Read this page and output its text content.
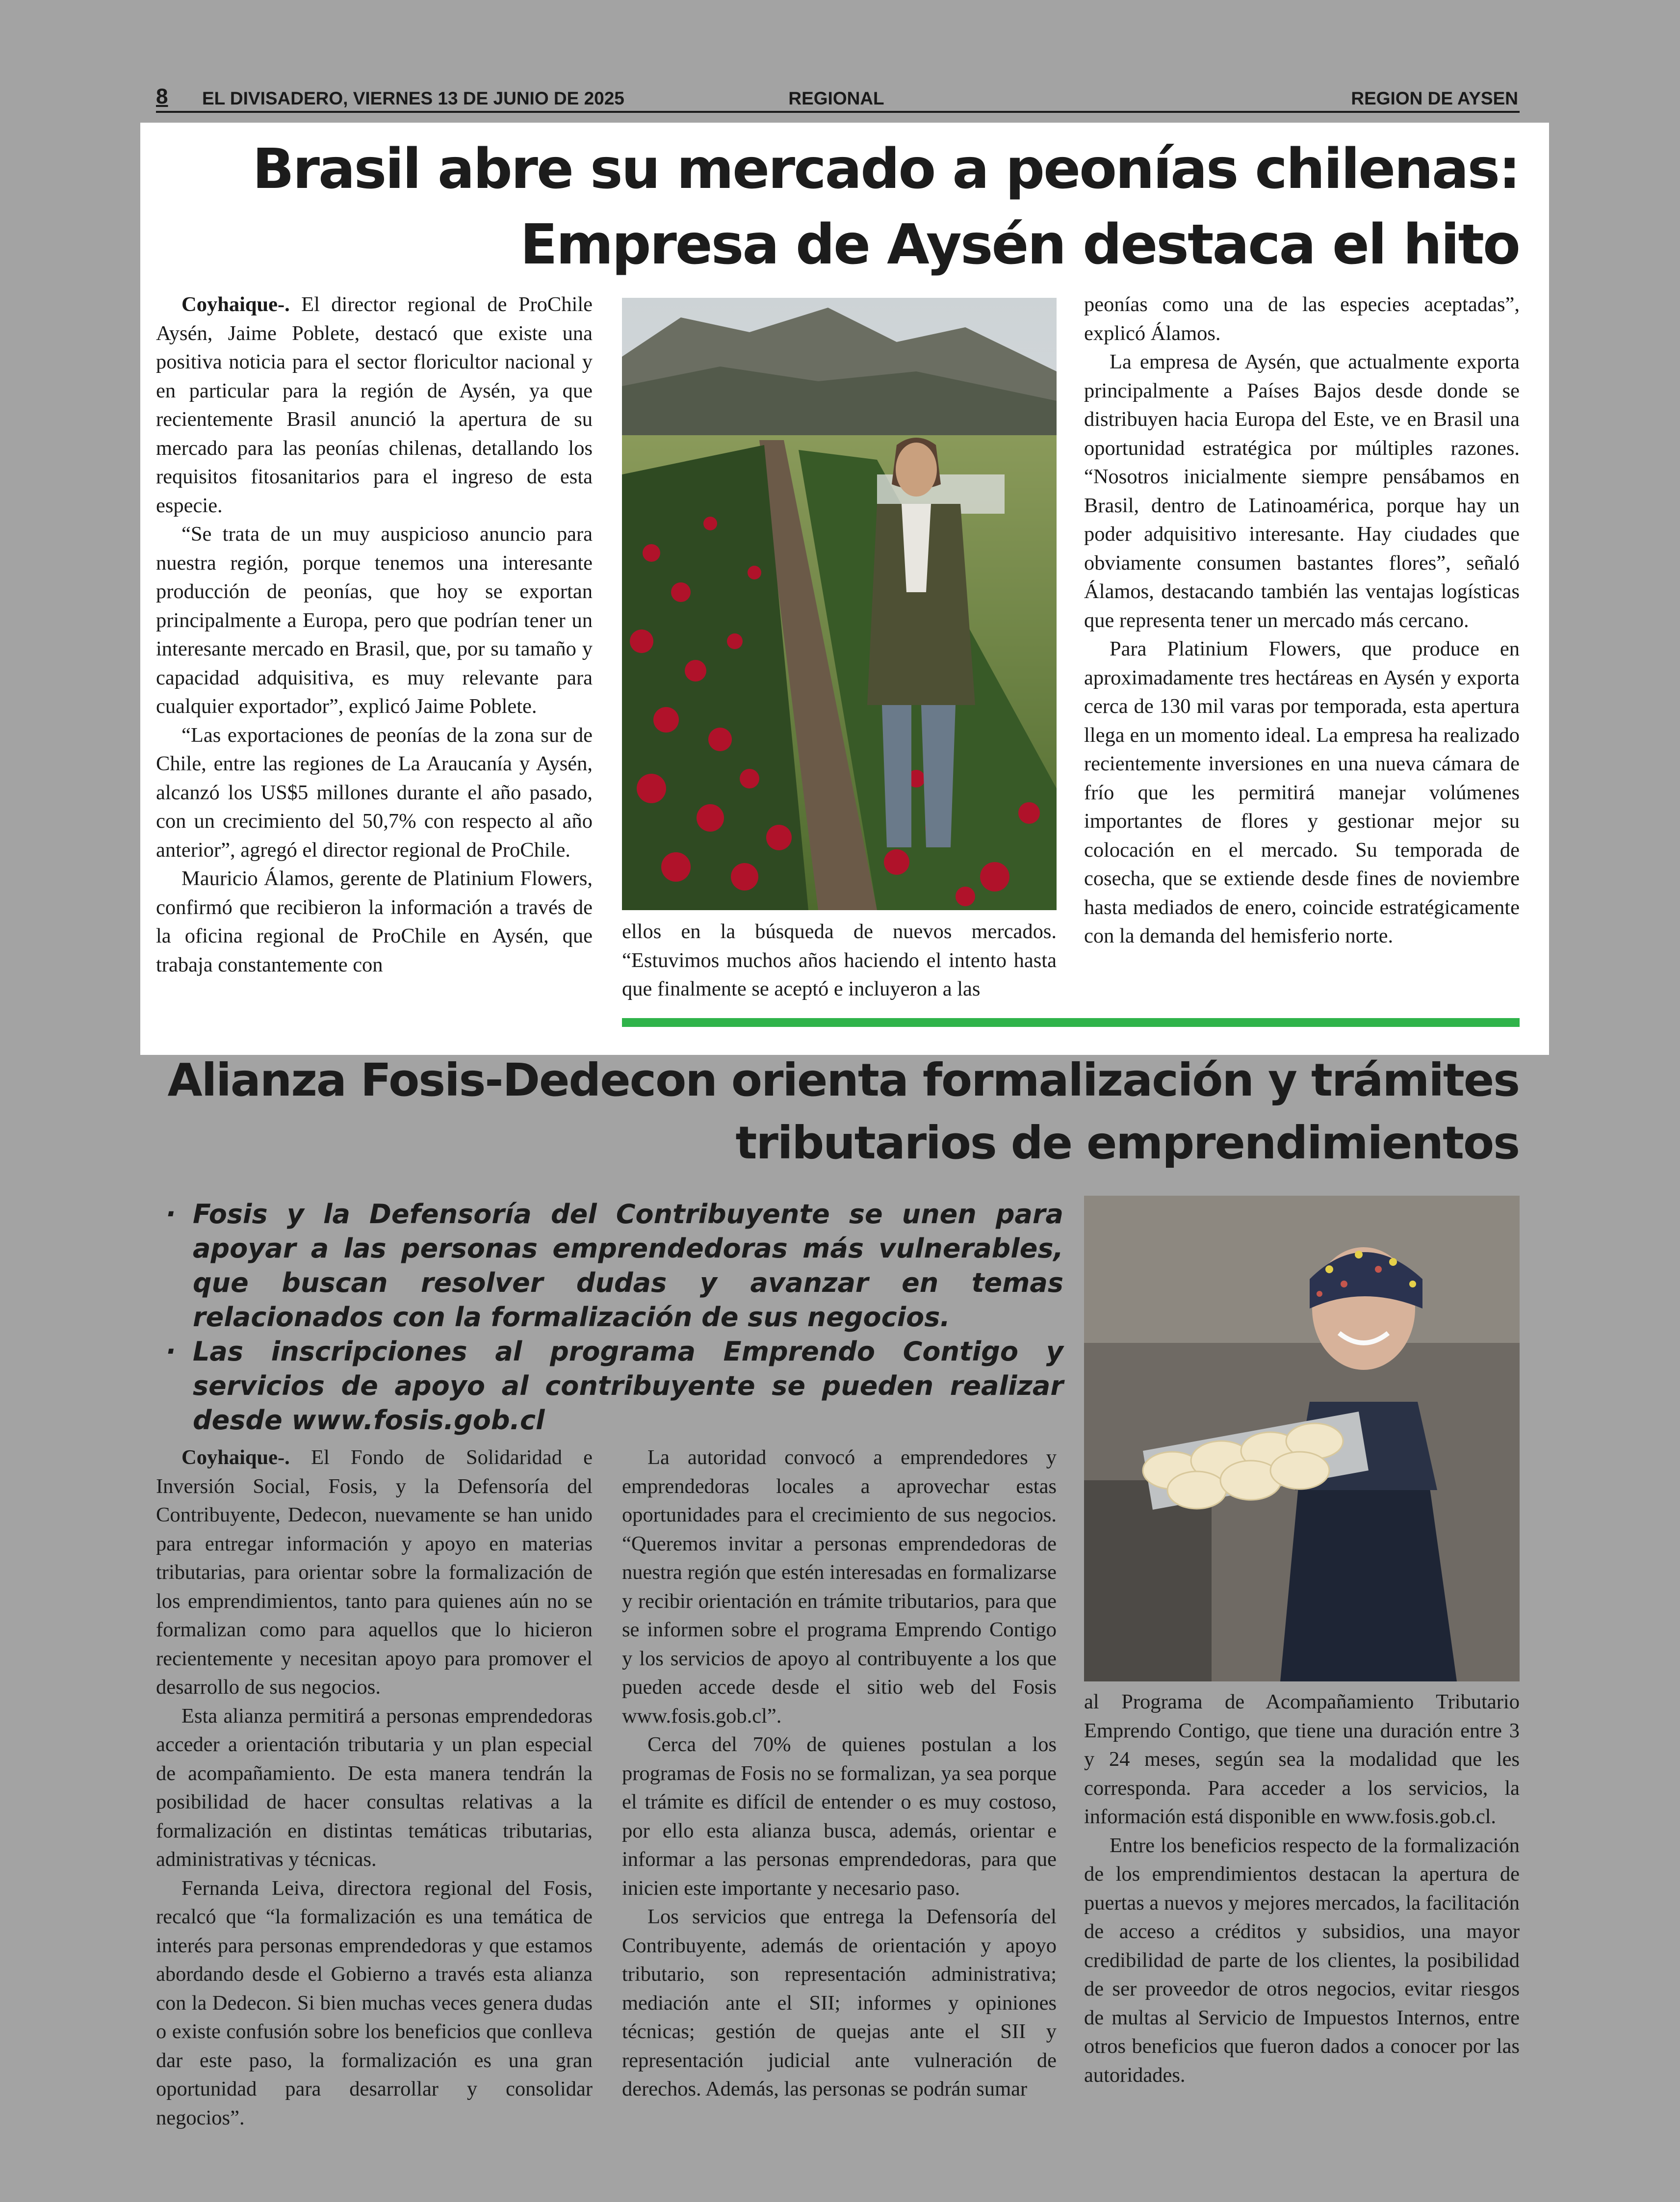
8 EL DIVISADERO, VIERNES 13 DE JUNIO DE 2025	REGIONAL	REGION DE AYSEN
Brasil abre su mercado a peonías chilenas:
Empresa de Aysén destaca el hito

Coyhaique-. El director regional de ProChile Aysén, Jaime Poblete, destacó que existe una positiva noticia para el sector floricultor nacional y en particular para la región de Aysén, ya que recientemente Brasil anunció la apertura de su mercado para las peonías chilenas, detallando los requisitos fitosanitarios para el ingreso de esta especie.

“Se trata de un muy auspicioso anuncio para nuestra región, porque tenemos una interesante producción de peonías, que hoy se exportan principalmente a Europa, pero que podrían tener un interesante mercado en Brasil, que, por su tamaño y capacidad adquisitiva, es muy relevante para cualquier exportador”, explicó Jaime Poblete.

“Las exportaciones de peonías de la zona sur de Chile, entre las regiones de La Araucanía y Aysén, alcanzó los US$5 millones durante el año pasado, con un crecimiento del 50,7% con respecto al año anterior”, agregó el director regional de ProChile.

Mauricio Álamos, gerente de Platinium Flowers, confirmó que recibieron la información a través de la oficina regional de ProChile en Aysén, que trabaja constantemente con

ellos en la búsqueda de nuevos mercados. “Estuvimos muchos años haciendo el intento hasta que finalmente se aceptó e incluyeron a las

peonías como una de las especies aceptadas”, explicó Álamos.

La empresa de Aysén, que actualmente exporta principalmente a Países Bajos desde donde se distribuyen hacia Europa del Este, ve en Brasil una oportunidad estratégica por múltiples razones. “Nosotros inicialmente siempre pensábamos en Brasil, dentro de Latinoamérica, porque hay un poder adquisitivo interesante. Hay ciudades que obviamente consumen bastantes flores”, señaló Álamos, destacando también las ventajas logísticas que representa tener un mercado más cercano.

Para Platinium Flowers, que produce en aproximadamente tres hectáreas en Aysén y exporta cerca de 130 mil varas por temporada, esta apertura llega en un momento ideal. La empresa ha realizado recientemente inversiones en una nueva cámara de frío que les permitirá manejar volúmenes importantes de flores y gestionar mejor su colocación en el mercado. Su temporada de cosecha, que se extiende desde fines de noviembre hasta mediados de enero, coincide estratégicamente con la demanda del hemisferio norte.

Alianza Fosis-Dedecon orienta formalización y trámites
tributarios de emprendimientos
· Fosis y la Defensoría del Contribuyente se unen para apoyar a las personas emprendedoras más vulnerables, que buscan resolver dudas y avanzar en temas relacionados con la formalización de sus negocios.
· Las inscripciones al programa Emprendo Contigo y servicios de apoyo al contribuyente se pueden realizar desde www.fosis.gob.cl

Coyhaique-. El Fondo de Solidaridad e Inversión Social, Fosis, y la Defensoría del Contribuyente, Dedecon, nuevamente se han unido para entregar información y apoyo en materias tributarias, para orientar sobre la formalización de los emprendimientos, tanto para quienes aún no se formalizan como para aquellos que lo hicieron recientemente y necesitan apoyo para promover el desarrollo de sus negocios.

Esta alianza permitirá a personas emprendedoras acceder a orientación tributaria y un plan especial de acompañamiento. De esta manera tendrán la posibilidad de hacer consultas relativas a la formalización en distintas temáticas tributarias, administrativas y técnicas.

Fernanda Leiva, directora regional del Fosis, recalcó que “la formalización es una temática de interés para personas emprendedoras y que estamos abordando desde el Gobierno a través esta alianza con la Dedecon. Si bien muchas veces genera dudas o existe confusión sobre los beneficios que conlleva dar este paso, la formalización es una gran oportunidad para desarrollar y consolidar negocios”.

La autoridad convocó a emprendedores y emprendedoras locales a aprovechar estas oportunidades para el crecimiento de sus negocios. “Queremos invitar a personas emprendedoras de nuestra región que estén interesadas en formalizarse y recibir orientación en trámite tributarios, para que se informen sobre el programa Emprendo Contigo y los servicios de apoyo al contribuyente a los que pueden accede desde el sitio web del Fosis www.fosis.gob.cl”.

Cerca del 70% de quienes postulan a los programas de Fosis no se formalizan, ya sea porque el trámite es difícil de entender o es muy costoso, por ello esta alianza busca, además, orientar e informar a las personas emprendedoras, para que inicien este importante y necesario paso.

Los servicios que entrega la Defensoría del Contribuyente, además de orientación y apoyo tributario, son representación administrativa; mediación ante el SII; informes y opiniones técnicas; gestión de quejas ante el SII y representación judicial ante vulneración de derechos. Además, las personas se podrán sumar

al Programa de Acompañamiento Tributario Emprendo Contigo, que tiene una duración entre 3 y 24 meses, según sea la modalidad que les corresponda. Para acceder a los servicios, la información está disponible en www.fosis.gob.cl.

Entre los beneficios respecto de la formalización de los emprendimientos destacan la apertura de puertas a nuevos y mejores mercados, la facilitación de acceso a créditos y subsidios, una mayor credibilidad de parte de los clientes, la posibilidad de ser proveedor de otros negocios, evitar riesgos de multas al Servicio de Impuestos Internos, entre otros beneficios que fueron dados a conocer por las autoridades.
